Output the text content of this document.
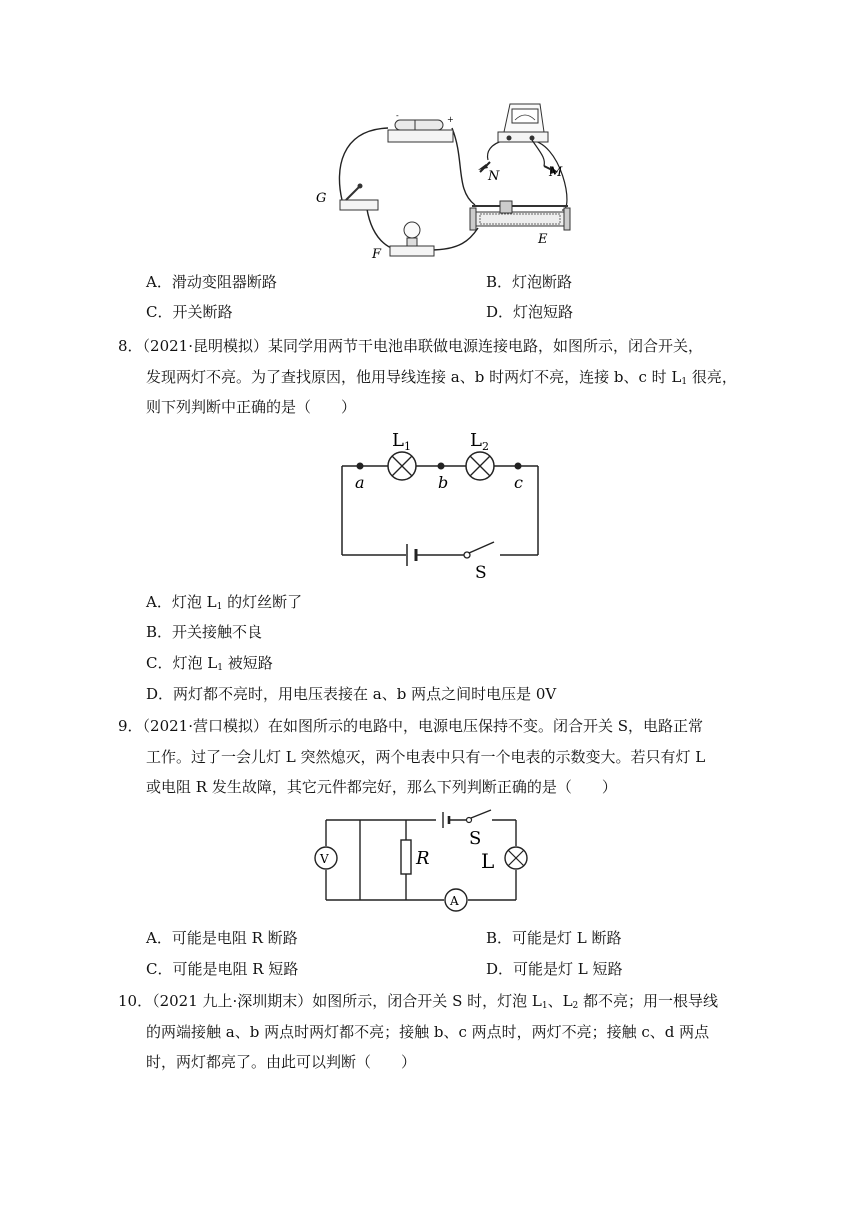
-	+
N	M
G
F
E
A．滑动变阻器断路	B．灯泡断路
C．开关断路	D．灯泡短路
8．（2021·昆明模拟）某同学用两节干电池串联做电源连接电路，如图所示，闭合开关，
发现两灯不亮。为了查找原因，他用导线连接 a、b 时两灯不亮，连接 b、c 时 $L_1$ 很亮，
则下列判断中正确的是（　　）
L 1	L 2
a	b	c
S
A．灯泡 $L_1$ 的灯丝断了
B．开关接触不良
C．灯泡 $L_1$ 被短路
D．两灯都不亮时，用电压表接在 a、b 两点之间时电压是 0V
9．（2021·营口模拟）在如图所示的电路中，电源电压保持不变。闭合开关 S，电路正常
工作。过了一会儿灯 L 突然熄灭，两个电表中只有一个电表的示数变大。若只有灯 L
或电阻 R 发生故障，其它元件都完好，那么下列判断正确的是（　　）
V	R
S
L
A
A．可能是电阻 R 断路	B．可能是灯 L 断路
C．可能是电阻 R 短路	D．可能是灯 L 短路
10．（2021 九上·深圳期末）如图所示，闭合开关 S 时，灯泡 $L_1$、$L_2$ 都不亮；用一根导线
的两端接触 a、b 两点时两灯都不亮；接触 b、c 两点时，两灯不亮；接触 c、d 两点
时，两灯都亮了。由此可以判断（　　）
